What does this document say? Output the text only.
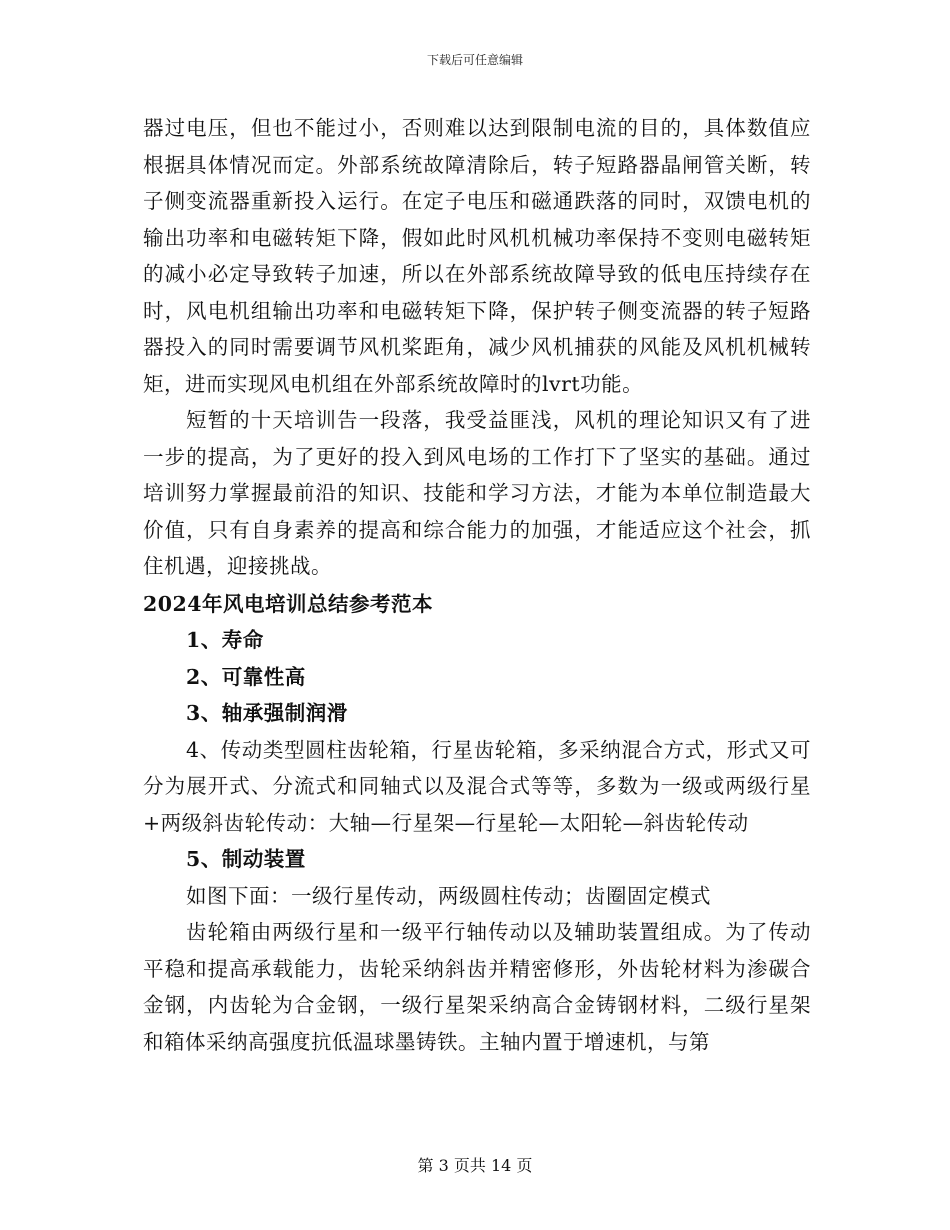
下载后可任意编辑

器过电压，但也不能过小，否则难以达到限制电流的目的，具体数值应根据具体情况而定。外部系统故障清除后，转子短路器晶闸管关断，转子侧变流器重新投入运行。在定子电压和磁通跌落的同时，双馈电机的输出功率和电磁转矩下降，假如此时风机机械功率保持不变则电磁转矩的减小必定导致转子加速，所以在外部系统故障导致的低电压持续存在时，风电机组输出功率和电磁转矩下降，保护转子侧变流器的转子短路器投入的同时需要调节风机桨距角，减少风机捕获的风能及风机机械转矩，进而实现风电机组在外部系统故障时的lvrt功能。

短暂的十天培训告一段落，我受益匪浅，风机的理论知识又有了进一步的提高，为了更好的投入到风电场的工作打下了坚实的基础。通过培训努力掌握最前沿的知识、技能和学习方法，才能为本单位制造最大价值，只有自身素养的提高和综合能力的加强，才能适应这个社会，抓住机遇，迎接挑战。

2024年风电培训总结参考范本

1、寿命

2、可靠性高

3、轴承强制润滑

4、传动类型圆柱齿轮箱，行星齿轮箱，多采纳混合方式，形式又可分为展开式、分流式和同轴式以及混合式等等，多数为一级或两级行星+两级斜齿轮传动：大轴—行星架—行星轮—太阳轮—斜齿轮传动

5、制动装置

如图下面：一级行星传动，两级圆柱传动；齿圈固定模式

齿轮箱由两级行星和一级平行轴传动以及辅助装置组成。为了传动平稳和提高承载能力，齿轮采纳斜齿并精密修形，外齿轮材料为渗碳合金钢，内齿轮为合金钢，一级行星架采纳高合金铸钢材料，二级行星架和箱体采纳高强度抗低温球墨铸铁。主轴内置于增速机，与第

第 3 页共 14 页
